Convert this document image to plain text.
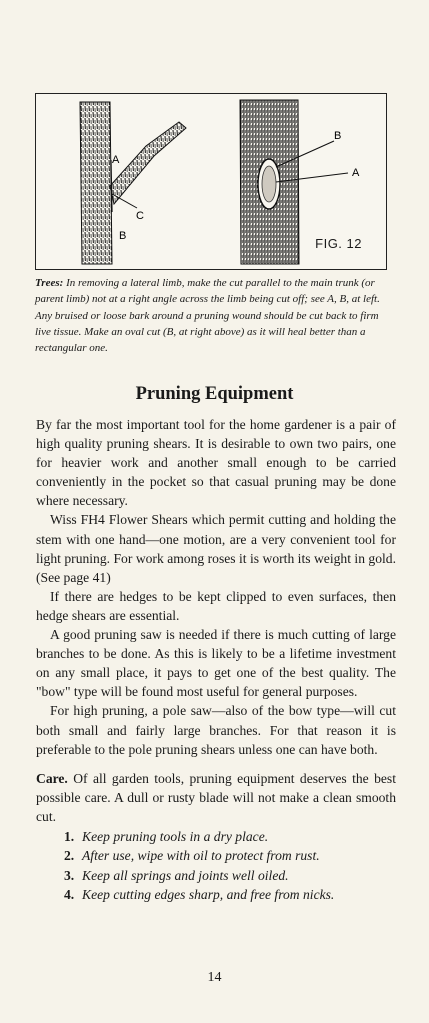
A
C
B
B
A
FIG. 12
Trees: In removing a lateral limb, make the cut parallel to the main trunk (or parent limb) not at a right angle across the limb being cut off; see A, B, at left. Any bruised or loose bark around a pruning wound should be cut back to firm live tissue. Make an oval cut (B, at right above) as it will heal better than a rectangular one.
Pruning Equipment

By far the most important tool for the home gardener is a pair of high quality pruning shears. It is desirable to own two pairs, one for heavier work and another small enough to be carried conveniently in the pocket so that casual pruning may be done where necessary.

Wiss FH4 Flower Shears which permit cutting and holding the stem with one hand—one motion, are a very convenient tool for light pruning. For work among roses it is worth its weight in gold. (See page 41)

If there are hedges to be kept clipped to even surfaces, then hedge shears are essential.

A good pruning saw is needed if there is much cutting of large branches to be done. As this is likely to be a lifetime investment on any small place, it pays to get one of the best quality. The "bow" type will be found most useful for general purposes.

For high pruning, a pole saw—also of the bow type—will cut both small and fairly large branches. For that reason it is preferable to the pole pruning shears unless one can have both.

Care. Of all garden tools, pruning equipment deserves the best possible care. A dull or rusty blade will not make a clean smooth cut.

1. Keep pruning tools in a dry place.
2. After use, wipe with oil to protect from rust.
3. Keep all springs and joints well oiled.
4. Keep cutting edges sharp, and free from nicks.
14
